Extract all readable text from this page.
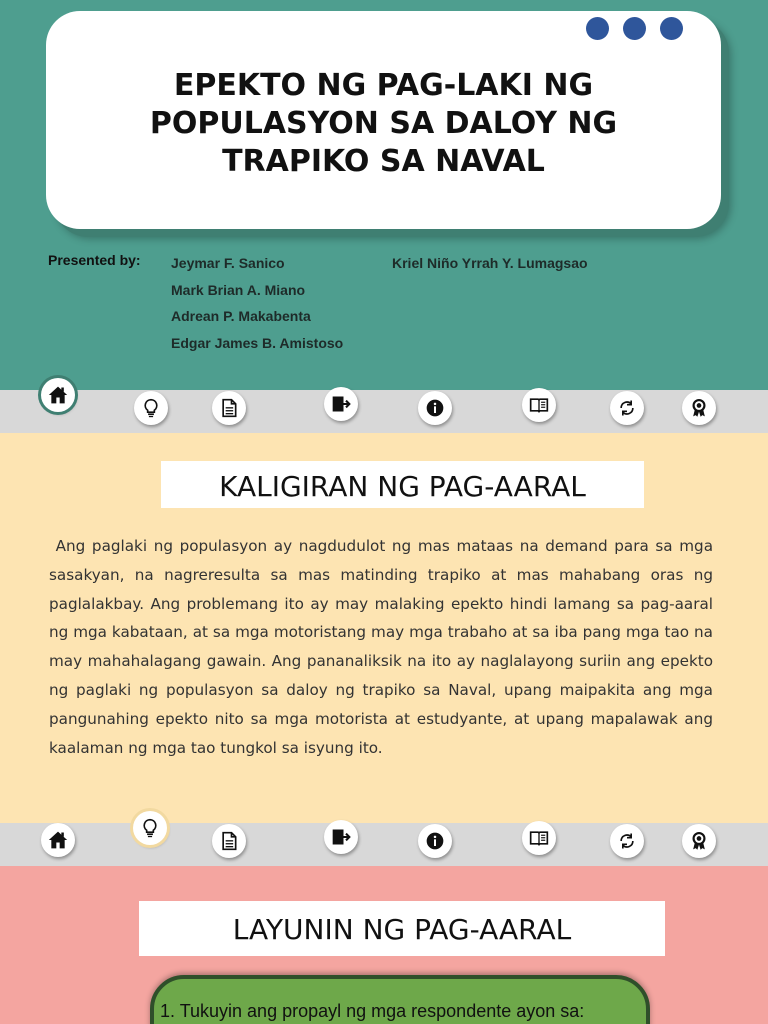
EPEKTO NG PAG-LAKI NG POPULASYON SA DALOY NG TRAPIKO SA NAVAL
Presented by: Jeymar F. Sanico
Mark Brian A. Miano
Adrean P. Makabenta
Edgar James B. Amistoso
Kriel Niño Yrrah Y. Lumagsao
KALIGIRAN NG PAG-AARAL

Ang paglaki ng populasyon ay nagdudulot ng mas mataas na demand para sa mga sasakyan, na nagreresulta sa mas matinding trapiko at mas mahabang oras ng paglalakbay. Ang problemang ito ay may malaking epekto hindi lamang sa pag-aaral ng mga kabataan, at sa mga motoristang may mga trabaho at sa iba pang mga tao na may mahahalagang gawain. Ang pananaliksik na ito ay naglalayong suriin ang epekto ng paglaki ng populasyon sa daloy ng trapiko sa Naval, upang maipakita ang mga pangunahing epekto nito sa mga motorista at estudyante, at upang mapalawak ang kaalaman ng mga tao tungkol sa isyung ito.

LAYUNIN NG PAG-AARAL
1. Tukuyin ang propayl ng mga respondente ayon sa:
